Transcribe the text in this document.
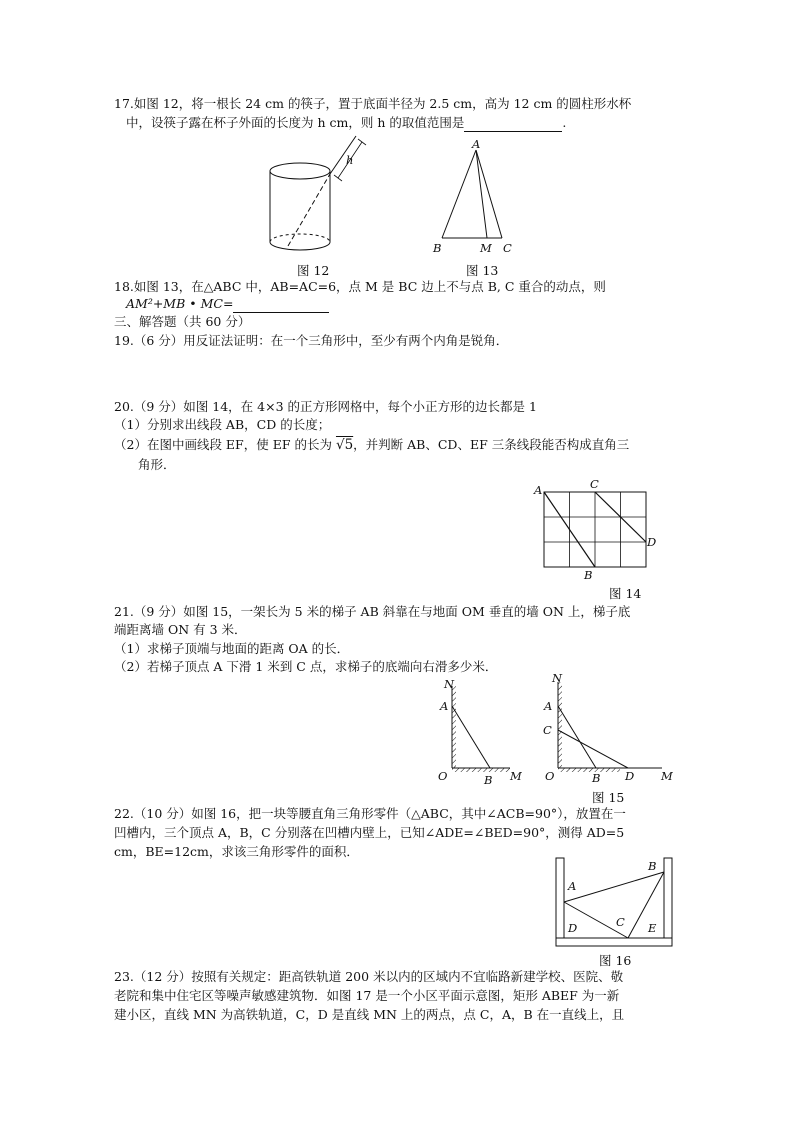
17.如图 12，将一根长 24 cm 的筷子，置于底面半径为 2.5 cm，高为 12 cm 的圆柱形水杯
中，设筷子露在杯子外面的长度为 h cm，则 h 的取值范围是	.
h
图 12
A
B	M C
图 13
18.如图 13，在△ABC 中，AB=AC=6，点 M 是 BC 边上不与点 B, C 重合的动点，则
AM²+MB • MC=
三、解答题（共 60 分）
19.（6 分）用反证法证明：在一个三角形中，至少有两个内角是锐角．
20.（9 分）如图 14，在 4×3 的正方形网格中，每个小正方形的边长都是 1
（1）分别求出线段 AB，CD 的长度；
（2）在图中画线段 EF，使 EF 的长为 √5，并判断 AB、CD、EF 三条线段能否构成直角三
角形．
A	C
D
B
图 14
21.（9 分）如图 15，一架长为 5 米的梯子 AB 斜靠在与地面 OM 垂直的墙 ON 上，梯子底
端距离墙 ON 有 3 米．
（1）求梯子顶端与地面的距离 OA 的长．
（2）若梯子顶点 A 下滑 1 米到 C 点，求梯子的底端向右滑多少米．
N
A
O	B M
N
A
C
O	B D M
图 15
22.（10 分）如图 16，把一块等腰直角三角形零件（△ABC，其中∠ACB=90°），放置在一
凹槽内，三个顶点 A，B，C 分别落在凹槽内壁上，已知∠ADE=∠BED=90°，测得 AD=5
cm，BE=12cm，求该三角形零件的面积．
B
A
C
D	E
图 16
23.（12 分）按照有关规定：距高铁轨道 200 米以内的区域内不宜临路新建学校、医院、敬
老院和集中住宅区等噪声敏感建筑物．如图 17 是一个小区平面示意图，矩形 ABEF 为一新
建小区，直线 MN 为高铁轨道，C，D 是直线 MN 上的两点，点 C，A，B 在一直线上，且
